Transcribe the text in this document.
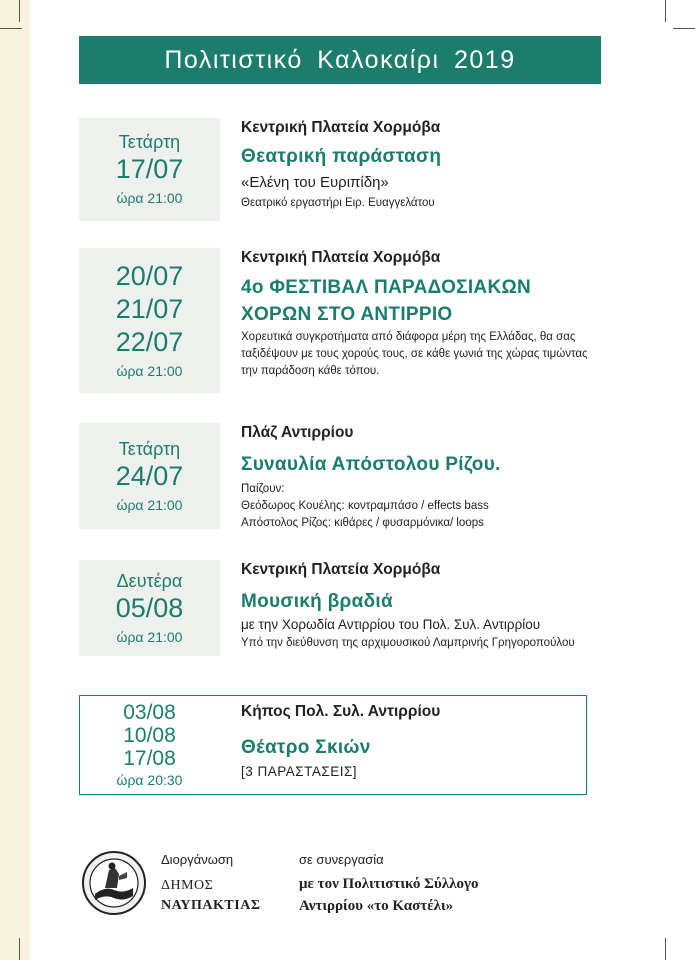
Πολιτιστικό Καλοκαίρι 2019
Τετάρτη
17/07
ώρα 21:00
Κεντρική Πλατεία Χορμόβα
Θεατρική παράσταση
«Ελένη του Ευριπίδη»
Θεατρικό εργαστήρι Ειρ. Ευαγγελάτου
20/07
21/07
22/07
ώρα 21:00
Κεντρική Πλατεία Χορμόβα
4ο ΦΕΣΤΙΒΑΛ ΠΑΡΑΔΟΣΙΑΚΩΝ
ΧΟΡΩΝ ΣΤΟ ΑΝΤΙΡΡΙΟ
Χορευτικά συγκροτήματα από διάφορα μέρη της Ελλάδας, θα σας
ταξιδέψουν με τους χορούς τους, σε κάθε γωνιά της χώρας τιμώντας
την παράδοση κάθε τόπου.
Τετάρτη
24/07
ώρα 21:00
Πλάζ Αντιρρίου
Συναυλία Απόστολου Ρίζου.
Παίζουν:
Θεόδωρος Κουέλης: κοντραμπάσο / effects bass
Απόστολος Ρίζος: κιθάρες / φυσαρμόνικα/ loops
Δευτέρα
05/08
ώρα 21:00
Κεντρική Πλατεία Χορμόβα
Μουσική βραδιά
με την Χορωδία Αντιρρίου του Πολ. Συλ. Αντιρρίου
Υπό την διεύθυνση της αρχιμουσικού Λαμπρινής Γρηγοροπούλου
03/08
10/08
17/08
ώρα 20:30
Κήπος Πολ. Συλ. Αντιρρίου
Θέατρο Σκιών
[3 ΠΑΡΑΣΤΑΣΕΙΣ]
Διοργάνωση
ΔΗΜΟΣ
ΝΑΥΠΑΚΤΙΑΣ
σε συνεργασία
με τον Πολιτιστικό Σύλλογο
Αντιρρίου «το Καστέλι»
